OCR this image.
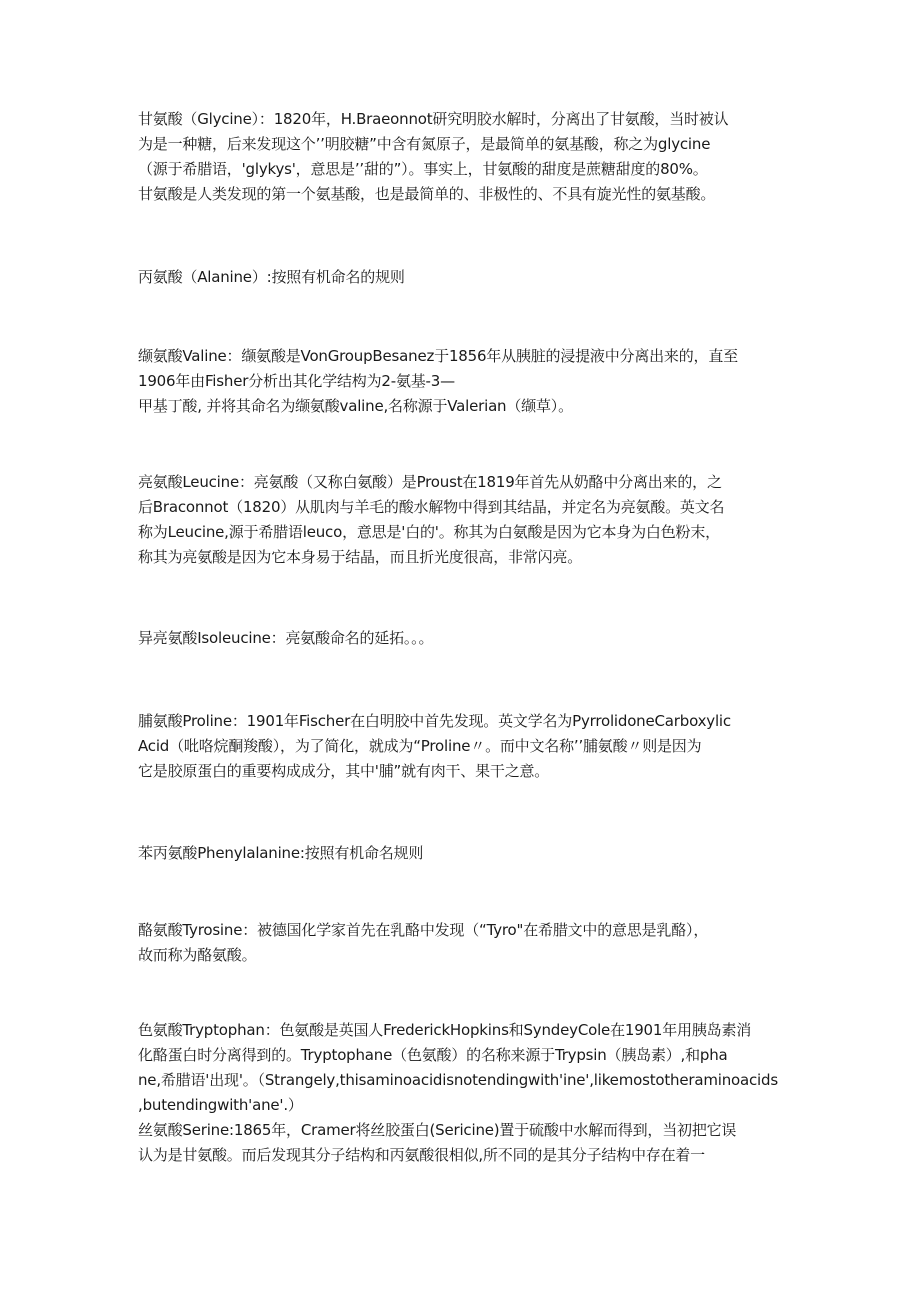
甘氨酸（Glycine）：1820年，H.Braeonnot研究明胶水解时，分离出了甘氨酸，当时被认
为是一种糖，后来发现这个’’明胶糖”中含有氮原子，是最简单的氨基酸，称之为glycine
（源于希腊语，'glykys'，意思是’’甜的”）。事实上，甘氨酸的甜度是蔗糖甜度的80%。
甘氨酸是人类发现的第一个氨基酸，也是最简单的、非极性的、不具有旋光性的氨基酸。
丙氨酸（Alanine）:按照有机命名的规则
缬氨酸Valine：缬氨酸是VonGroupBesanez于1856年从胰脏的浸提液中分离出来的，直至
1906年由Fisher分析出其化学结构为2-氨基-3—
甲基丁酸, 并将其命名为缬氨酸valine,名称源于Valerian（缬草）。
亮氨酸Leucine：亮氨酸（又称白氨酸）是Proust在1819年首先从奶酪中分离出来的，之
后Braconnot（1820）从肌肉与羊毛的酸水解物中得到其结晶，并定名为亮氨酸。英文名
称为Leucine,源于希腊语leuco，意思是'白的'。称其为白氨酸是因为它本身为白色粉末，
称其为亮氨酸是因为它本身易于结晶，而且折光度很高，非常闪亮。
异亮氨酸Isoleucine：亮氨酸命名的延拓。。。
脯氨酸Proline：1901年Fischer在白明胶中首先发现。英文学名为PyrrolidoneCarboxylic
Acid（吡咯烷酮羧酸），为了简化，就成为“Proline〃。而中文名称’’脯氨酸〃则是因为
它是胶原蛋白的重要构成成分，其中'脯”就有肉干、果干之意。
苯丙氨酸Phenylalanine:按照有机命名规则
酪氨酸Tyrosine：被德国化学家首先在乳酪中发现（“Tyro"在希腊文中的意思是乳酪），
故而称为酪氨酸。
色氨酸Tryptophan：色氨酸是英国人FrederickHopkins和SyndeyCole在1901年用胰岛素消
化酪蛋白时分离得到的。Tryptophane（色氨酸）的名称来源于Trypsin（胰岛素）,和pha
ne,希腊语'出现'。（Strangely,thisaminoacidisnotendingwith'ine',likemostotheraminoacids
,butendingwith'ane'.）
丝氨酸Serine:1865年，Cramer将丝胶蛋白(Sericine)置于硫酸中水解而得到，当初把它误
认为是甘氨酸。而后发现其分子结构和丙氨酸很相似,所不同的是其分子结构中存在着一
